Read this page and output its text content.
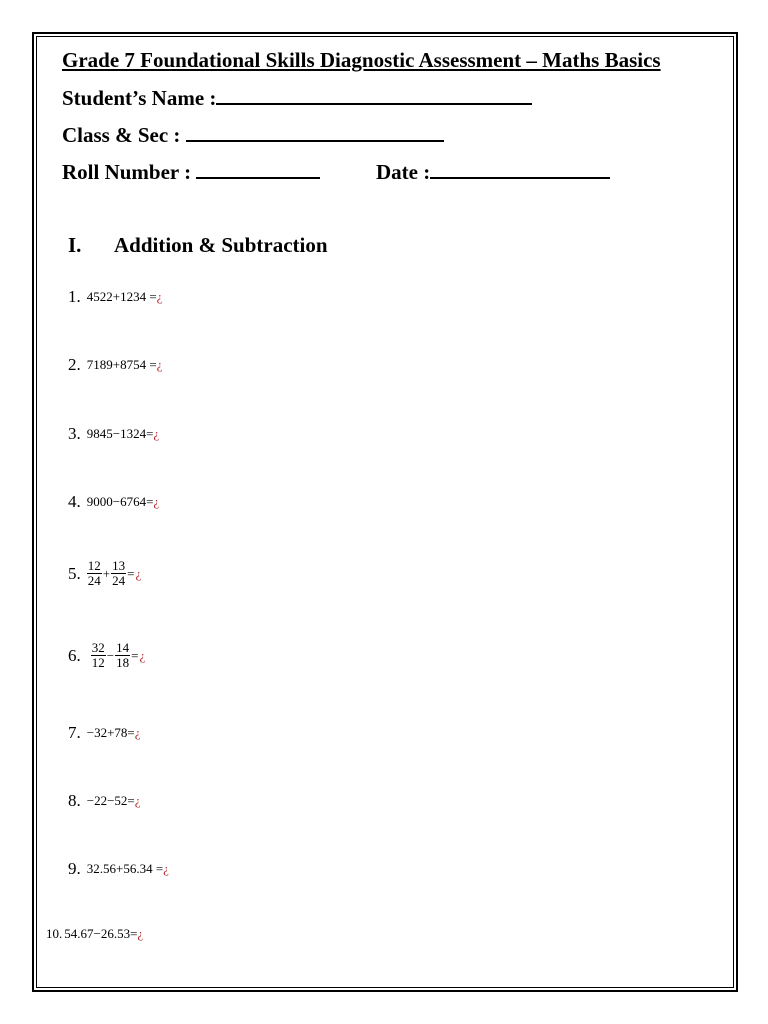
Grade 7 Foundational Skills Diagnostic Assessment – Maths Basics
Student’s Name :
Class & Sec :
Roll Number :	Date :
I. Addition & Subtraction
1. 4522+1234 = ¿
2. 7189+8754 = ¿
3. 9845−1324= ¿
4. 9000−6764= ¿
5. $\frac{12}{24} + \frac{13}{24}$ = ¿
6. $\frac{32}{12} - \frac{14}{18}$ = ¿
7. −32+78= ¿
8. −22−52= ¿
9. 32.56+56.34 = ¿
10. 54.67−26.53= ¿
